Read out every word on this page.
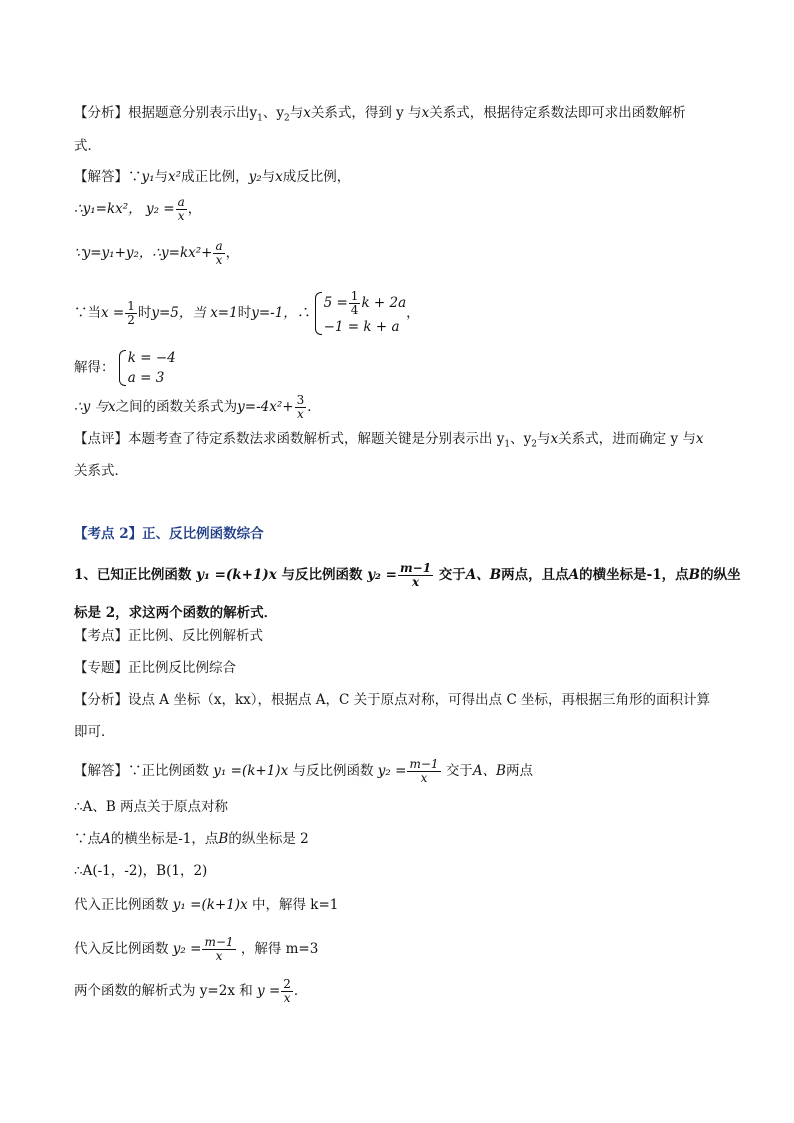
【分析】根据题意分别表示出$y_1$、$y_2$与x关系式，得到 y 与x关系式，根据待定系数法即可求出函数解析
式．
【解答】∵y₁与x²成正比例，y₂与x成反比例，
∴y₁=kx²， $y_2 = \frac{a}{x}$ ，
∵y=y₁+y₂，∴y=kx²+ $\frac{a}{x}$ ，
∵当$x = \frac{1}{2}$ 时y=5，当 x=1时y=-1，∴
$5 = \frac{1}{4}$ k + 2a
−1 = k + a
，
解得：
k = −4
a = 3
∴y 与x之间的函数关系式为$y=-4x^2+ \frac{3}{x}$ ．
【点评】本题考查了待定系数法求函数解析式，解题关键是分别表示出 $y_1$、$y_2$与x关系式，进而确定 y 与x
关系式．
【考点 2】正、反比例函数综合
1、已知正比例函数 y₁ =(k+1)x 与反比例函数 $y_2 = \frac{m-1}{x}$ 交于A、B两点，且点A的横坐标是-1，点B的纵坐
标是 2，求这两个函数的解析式．
【考点】正比例、反比例解析式
【专题】正比例反比例综合
【分析】设点 A 坐标（x，kx），根据点 A，C 关于原点对称，可得出点 C 坐标，再根据三角形的面积计算
即可．
【解答】∵正比例函数 y₁ =(k+1)x 与反比例函数 $y_2 = \frac{m-1}{x}$ 交于A、B两点
∴A、B 两点关于原点对称
∵点A的横坐标是-1，点B的纵坐标是 2
∴A(-1，-2)，B(1，2)
代入正比例函数 y₁ =(k+1)x 中，解得 k=1
代入反比例函数 $y_2 = \frac{m-1}{x}$ ，解得 m=3
两个函数的解析式为 y=2x 和 $y = \frac{2}{x}$ ．
